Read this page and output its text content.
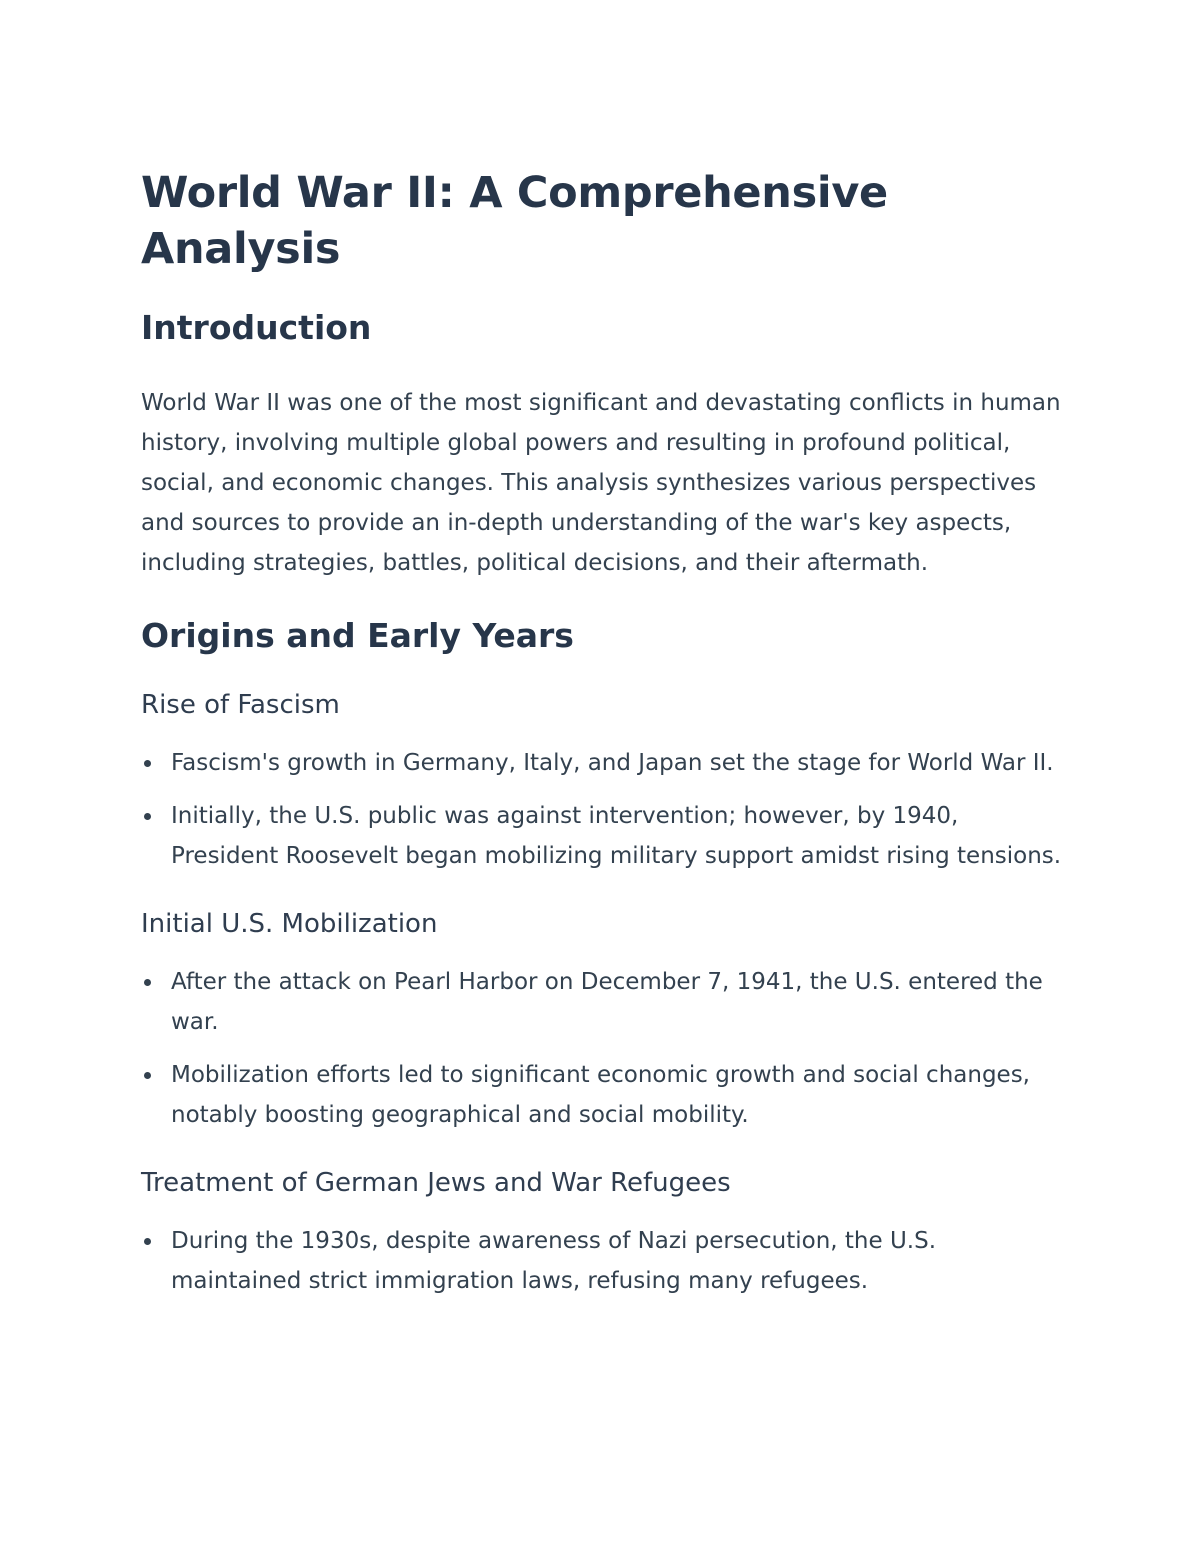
World War II: A Comprehensive Analysis
Introduction

World War II was one of the most significant and devastating conflicts in human history, involving multiple global powers and resulting in profound political, social, and economic changes. This analysis synthesizes various perspectives and sources to provide an in-depth understanding of the war's key aspects, including strategies, battles, political decisions, and their aftermath.

Origins and Early Years
Rise of Fascism
Fascism's growth in Germany, Italy, and Japan set the stage for World War II.
Initially, the U.S. public was against intervention; however, by 1940, President Roosevelt began mobilizing military support amidst rising tensions.
Initial U.S. Mobilization
After the attack on Pearl Harbor on December 7, 1941, the U.S. entered the war.
Mobilization efforts led to significant economic growth and social changes, notably boosting geographical and social mobility.
Treatment of German Jews and War Refugees
During the 1930s, despite awareness of Nazi persecution, the U.S. maintained strict immigration laws, refusing many refugees.
